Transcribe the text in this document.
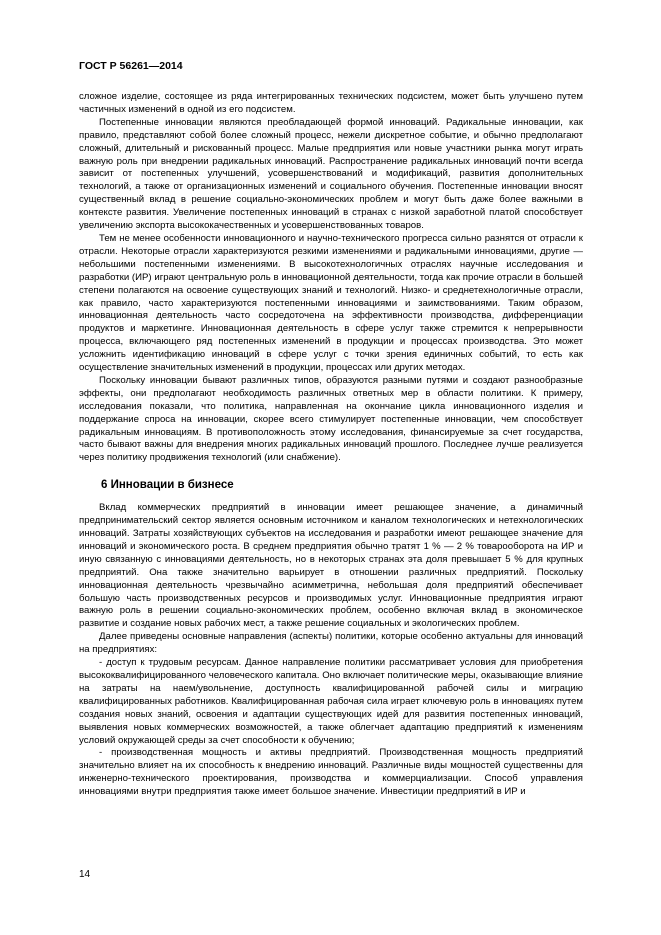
ГОСТ Р 56261—2014

сложное изделие, состоящее из ряда интегрированных технических подсистем, может быть улучшено путем частичных изменений в одной из его подсистем.

Постепенные инновации являются преобладающей формой инноваций. Радикальные инновации, как правило, представляют собой более сложный процесс, нежели дискретное событие, и обычно предполагают сложный, длительный и рискованный процесс. Малые предприятия или новые участники рынка могут играть важную роль при внедрении радикальных инноваций. Распространение радикальных инноваций почти всегда зависит от постепенных улучшений, усовершенствований и модификаций, развития дополнительных технологий, а также от организационных изменений и социального обучения. Постепенные инновации вносят существенный вклад в решение социально-экономических проблем и могут быть даже более важными в контексте развития. Увеличение постепенных инноваций в странах с низкой заработной платой способствует увеличению экспорта высококачественных и усовершенствованных товаров.

Тем не менее особенности инновационного и научно-технического прогресса сильно разнятся от отрасли к отрасли. Некоторые отрасли характеризуются резкими изменениями и радикальными инновациями, другие — небольшими постепенными изменениями. В высокотехнологичных отраслях научные исследования и разработки (ИР) играют центральную роль в инновационной деятельности, тогда как прочие отрасли в большей степени полагаются на освоение существующих знаний и технологий. Низко- и среднетехнологичные отрасли, как правило, часто характеризуются постепенными инновациями и заимствованиями. Таким образом, инновационная деятельность часто сосредоточена на эффективности производства, дифференциации продуктов и маркетинге. Инновационная деятельность в сфере услуг также стремится к непрерывности процесса, включающего ряд постепенных изменений в продукции и процессах производства. Это может усложнить идентификацию инноваций в сфере услуг с точки зрения единичных событий, то есть как осуществление значительных изменений в продукции, процессах или других методах.

Поскольку инновации бывают различных типов, образуются разными путями и создают разнообразные эффекты, они предполагают необходимость различных ответных мер в области политики. К примеру, исследования показали, что политика, направленная на окончание цикла инновационного изделия и поддержание спроса на инновации, скорее всего стимулирует постепенные инновации, чем способствует радикальным инновациям. В противоположность этому исследования, финансируемые за счет государства, часто бывают важны для внедрения многих радикальных инноваций прошлого. Последнее лучше реализуется через политику продвижения технологий (или снабжение).

6 Инновации в бизнесе

Вклад коммерческих предприятий в инновации имеет решающее значение, а динамичный предпринимательский сектор является основным источником и каналом технологических и нетехнологических инноваций. Затраты хозяйствующих субъектов на исследования и разработки имеют решающее значение для инноваций и экономического роста. В среднем предприятия обычно тратят 1 % — 2 % товарооборота на ИР и иную связанную с инновациями деятельность, но в некоторых странах эта доля превышает 5 % для крупных предприятий. Она также значительно варьирует в отношении различных предприятий. Поскольку инновационная деятельность чрезвычайно асимметрична, небольшая доля предприятий обеспечивает большую часть производственных ресурсов и производимых услуг. Инновационные предприятия играют важную роль в решении социально-экономических проблем, особенно включая вклад в экономическое развитие и создание новых рабочих мест, а также решение социальных и экологических проблем.

Далее приведены основные направления (аспекты) политики, которые особенно актуальны для инноваций на предприятиях:

- доступ к трудовым ресурсам. Данное направление политики рассматривает условия для приобретения высококвалифицированного человеческого капитала. Оно включает политические меры, оказывающие влияние на затраты на наем/увольнение, доступность квалифицированной рабочей силы и миграцию квалифицированных работников. Квалифицированная рабочая сила играет ключевую роль в инновациях путем создания новых знаний, освоения и адаптации существующих идей для развития постепенных инноваций, выявления новых коммерческих возможностей, а также облегчает адаптацию предприятий к изменениям условий окружающей среды за счет способности к обучению;

- производственная мощность и активы предприятий. Производственная мощность предприятий значительно влияет на их способность к внедрению инноваций. Различные виды мощностей существенны для инженерно-технического проектирования, производства и коммерциализации. Способ управления инновациями внутри предприятия также имеет большое значение. Инвестиции предприятий в ИР и

14
